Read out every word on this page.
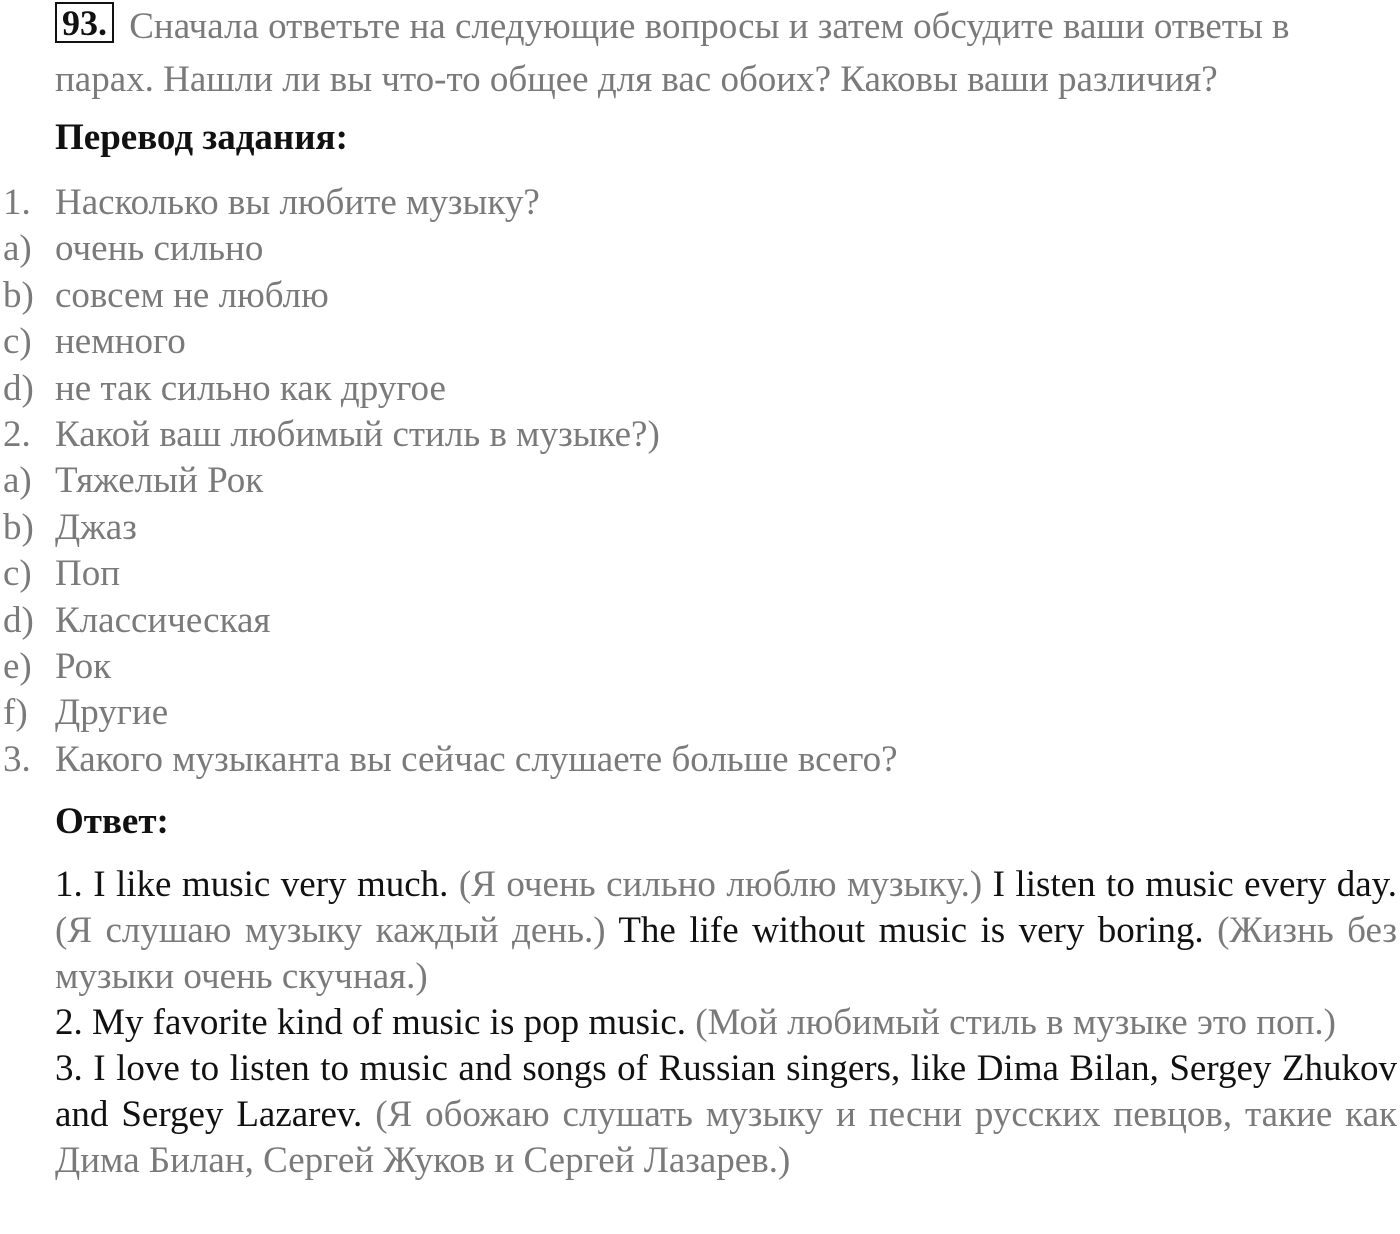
93. Сначала ответьте на следующие вопросы и затем обсудите ваши ответы в парах. Нашли ли вы что-то общее для вас обоих? Каковы ваши различия?
Перевод задания:
1. Насколько вы любите музыку?
a) очень сильно
b) совсем не люблю
c) немного
d) не так сильно как другое
2. Какой ваш любимый стиль в музыке?)
a) Тяжелый Рок
b) Джаз
c) Поп
d) Классическая
e) Рок
f) Другие
3. Какого музыканта вы сейчас слушаете больше всего?
Ответ:

1. I like music very much. (Я очень сильно люблю музыку.) I listen to music every day. (Я слушаю музыку каждый день.) The life without music is very boring. (Жизнь без музыки очень скучная.)

2. My favorite kind of music is pop music. (Мой любимый стиль в музыке это поп.)

3. I love to listen to music and songs of Russian singers, like Dima Bilan, Sergey Zhukov and Sergey Lazarev. (Я обожаю слушать музыку и песни русских певцов, такие как Дима Билан, Сергей Жуков и Сергей Лазарев.)
